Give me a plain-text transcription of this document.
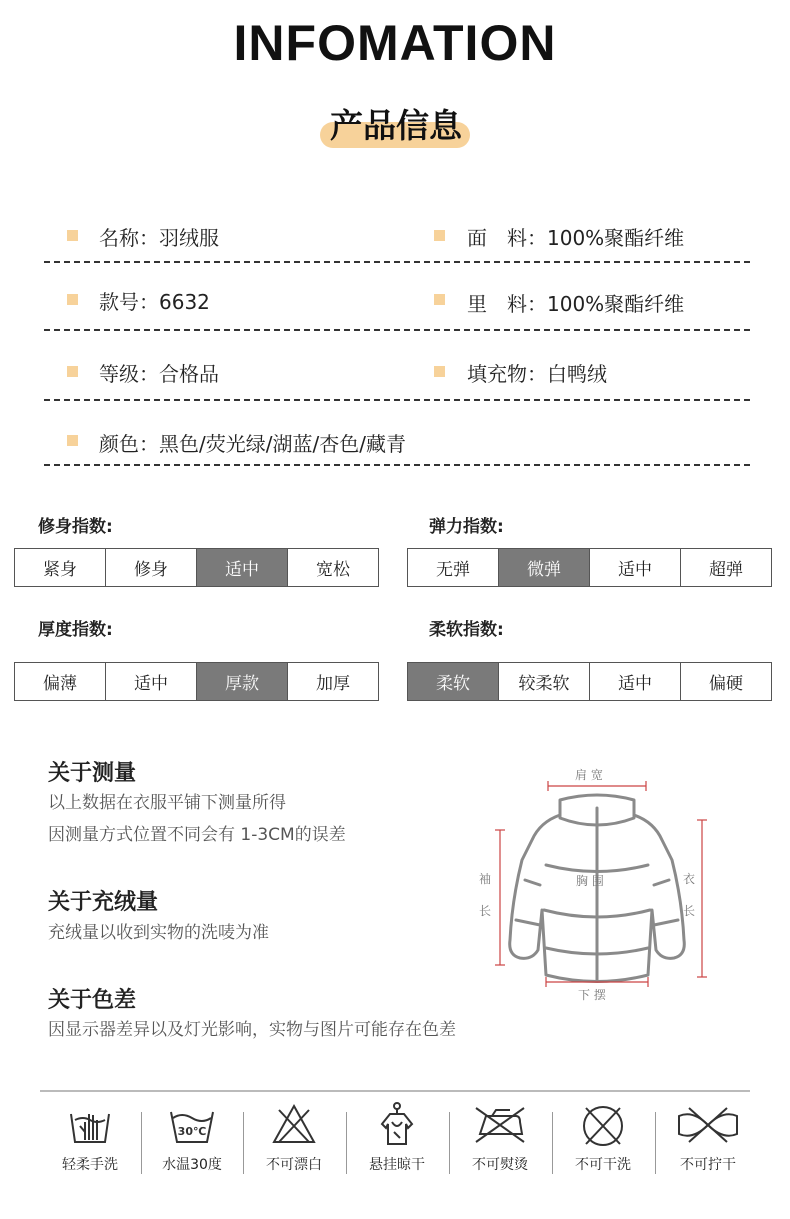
INFOMATION
产品信息
名称：羽绒服	面　料：100%聚酯纤维
款号：6632	里　料：100%聚酯纤维
等级：合格品	填充物：白鸭绒
颜色：黑色/荧光绿/湖蓝/杏色/藏青
修身指数:
紧身	修身	适中	宽松
弹力指数:
无弹	微弹	适中	超弹
厚度指数:
偏薄	适中	厚款	加厚
柔软指数:
柔软	较柔软	适中	偏硬
关于测量
以上数据在衣服平铺下测量所得
因测量方式位置不同会有 1-3CM的误差
关于充绒量
充绒量以收到实物的洗唛为准
关于色差
因显示器差异以及灯光影响，实物与图片可能存在色差
肩 宽
袖
长
胸 围	衣
长
下 摆
轻柔手洗
30℃
水温30度	不可漂白	悬挂晾干	不可熨烫	不可干洗	不可拧干
